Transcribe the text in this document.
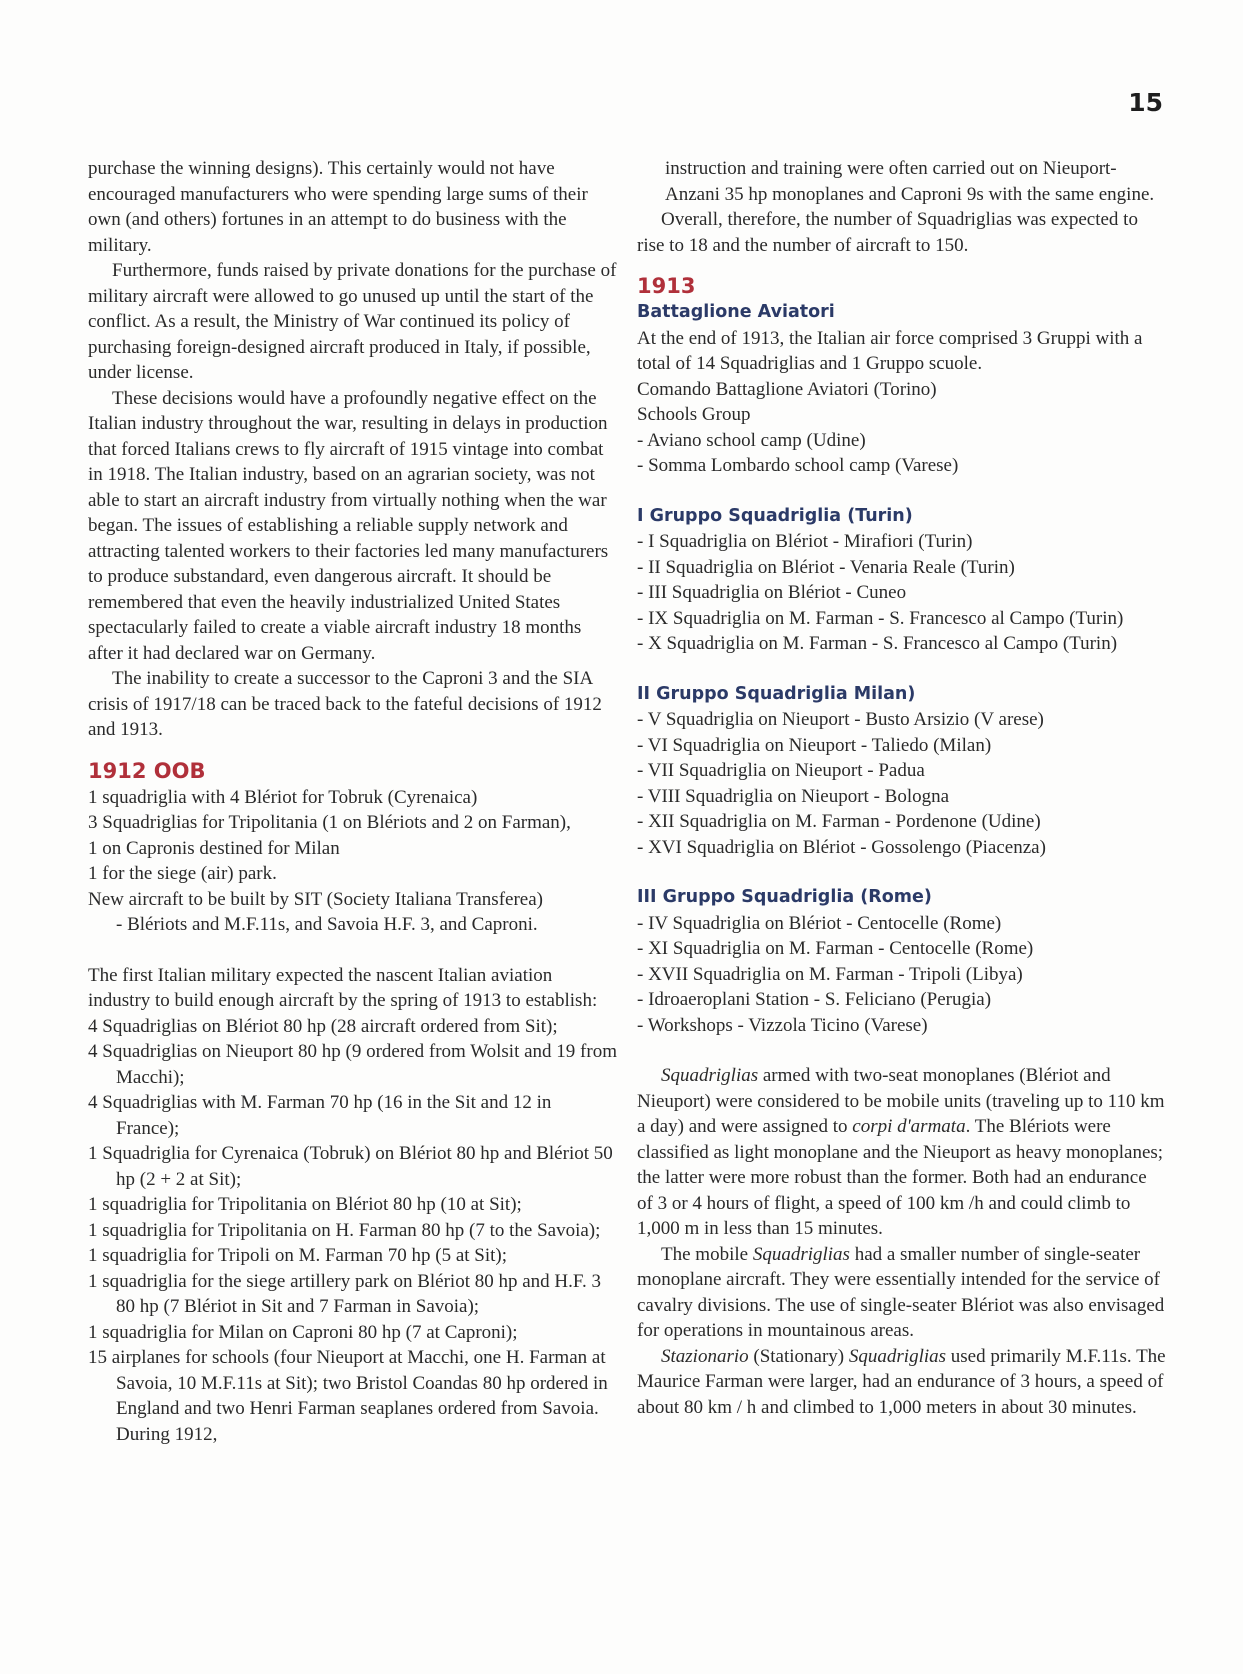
15

purchase the winning designs). This certainly would not have encouraged manufacturers who were spending large sums of their own (and others) fortunes in an attempt to do business with the military.

Furthermore, funds raised by private donations for the purchase of military aircraft were allowed to go unused up until the start of the conflict. As a result, the Ministry of War continued its policy of purchasing foreign-designed aircraft produced in Italy, if possible, under license.

These decisions would have a profoundly negative effect on the Italian industry throughout the war, resulting in delays in production that forced Italians crews to fly aircraft of 1915 vintage into combat in 1918. The Italian industry, based on an agrarian society, was not able to start an aircraft industry from virtually nothing when the war began. The issues of establishing a reliable supply network and attracting talented workers to their factories led many manufacturers to produce substandard, even dangerous aircraft. It should be remembered that even the heavily industrialized United States spectacularly failed to create a viable aircraft industry 18 months after it had declared war on Germany.

The inability to create a successor to the Caproni 3 and the SIA crisis of 1917/18 can be traced back to the fateful decisions of 1912 and 1913.

1912 OOB

1 squadriglia with 4 Blériot for Tobruk (Cyrenaica)

3 Squadriglias for Tripolitania (1 on Blériots and 2 on Farman),

1 on Capronis destined for Milan

1 for the siege (air) park.

New aircraft to be built by SIT (Society Italiana Transferea)

- Blériots and M.F.11s, and Savoia H.F. 3, and Caproni.

The first Italian military expected the nascent Italian aviation industry to build enough aircraft by the spring of 1913 to establish:

4 Squadriglias on Blériot 80 hp (28 aircraft ordered from Sit);

4 Squadriglias on Nieuport 80 hp (9 ordered from Wolsit and 19 from Macchi);

4 Squadriglias with M. Farman 70 hp (16 in the Sit and 12 in France);

1 Squadriglia for Cyrenaica (Tobruk) on Blériot 80 hp and Blériot 50 hp (2 + 2 at Sit);

1 squadriglia for Tripolitania on Blériot 80 hp (10 at Sit);

1 squadriglia for Tripolitania on H. Farman 80 hp (7 to the Savoia);

1 squadriglia for Tripoli on M. Farman 70 hp (5 at Sit);

1 squadriglia for the siege artillery park on Blériot 80 hp and H.F. 3 80 hp (7 Blériot in Sit and 7 Farman in Savoia);

1 squadriglia for Milan on Caproni 80 hp (7 at Caproni);

15 airplanes for schools (four Nieuport at Macchi, one H. Farman at Savoia, 10 M.F.11s at Sit); two Bristol Coandas 80 hp ordered in England and two Henri Farman seaplanes ordered from Savoia. During 1912,

instruction and training were often carried out on Nieuport-Anzani 35 hp monoplanes and Caproni 9s with the same engine.

Overall, therefore, the number of Squadriglias was expected to rise to 18 and the number of aircraft to 150.

1913
Battaglione Aviatori

At the end of 1913, the Italian air force comprised 3 Gruppi with a total of 14 Squadriglias and 1 Gruppo scuole.

Comando Battaglione Aviatori (Torino)

Schools Group

- Aviano school camp (Udine)

- Somma Lombardo school camp (Varese)

I Gruppo Squadriglia (Turin)

- I Squadriglia on Blériot - Mirafiori (Turin)

- II Squadriglia on Blériot - Venaria Reale (Turin)

- III Squadriglia on Blériot - Cuneo

- IX Squadriglia on M. Farman - S. Francesco al Campo (Turin)

- X Squadriglia on M. Farman - S. Francesco al Campo (Turin)

II Gruppo Squadriglia Milan)

- V Squadriglia on Nieuport - Busto Arsizio (V arese)

- VI Squadriglia on Nieuport - Taliedo (Milan)

- VII Squadriglia on Nieuport - Padua

- VIII Squadriglia on Nieuport - Bologna

- XII Squadriglia on M. Farman - Pordenone (Udine)

- XVI Squadriglia on Blériot - Gossolengo (Piacenza)

III Gruppo Squadriglia (Rome)

- IV Squadriglia on Blériot - Centocelle (Rome)

- XI Squadriglia on M. Farman - Centocelle (Rome)

- XVII Squadriglia on M. Farman - Tripoli (Libya)

- Idroaeroplani Station - S. Feliciano (Perugia)

- Workshops - Vizzola Ticino (Varese)

Squadriglias armed with two-seat monoplanes (Blériot and Nieuport) were considered to be mobile units (traveling up to 110 km a day) and were assigned to corpi d'armata. The Blériots were classified as light monoplane and the Nieuport as heavy monoplanes; the latter were more robust than the former. Both had an endurance of 3 or 4 hours of flight, a speed of 100 km /h and could climb to 1,000 m in less than 15 minutes.

The mobile Squadriglias had a smaller number of single-seater monoplane aircraft. They were essentially intended for the service of cavalry divisions. The use of single-seater Blériot was also envisaged for operations in mountainous areas.

Stazionario (Stationary) Squadriglias used primarily M.F.11s. The Maurice Farman were larger, had an endurance of 3 hours, a speed of about 80 km / h and climbed to 1,000 meters in about 30 minutes.
